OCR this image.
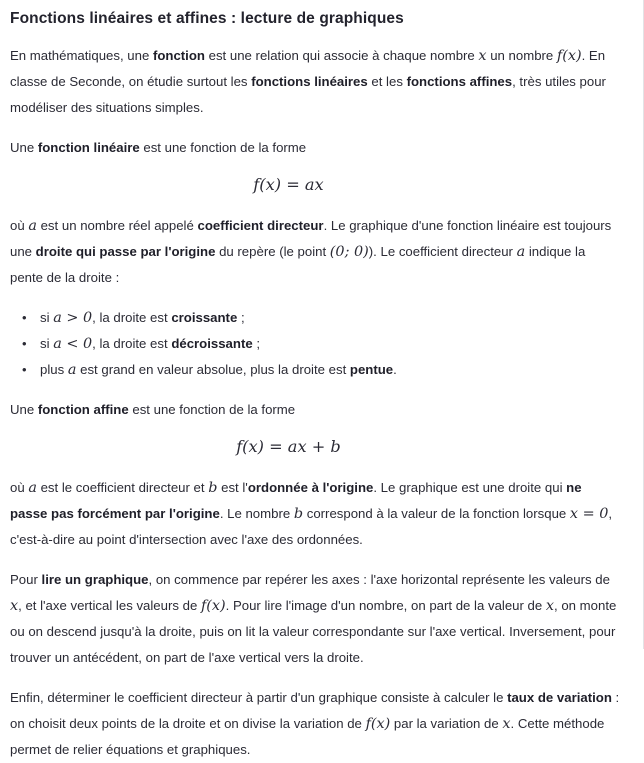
Fonctions linéaires et affines : lecture de graphiques

En mathématiques, une fonction est une relation qui associe à chaque nombre x un nombre f(x). En classe de Seconde, on étudie surtout les fonctions linéaires et les fonctions affines, très utiles pour modéliser des situations simples.

Une fonction linéaire est une fonction de la forme

f(x) = ax

où a est un nombre réel appelé coefficient directeur. Le graphique d'une fonction linéaire est toujours une droite qui passe par l'origine du repère (le point (0; 0)). Le coefficient directeur a indique la pente de la droite :

• si a > 0, la droite est croissante ;
• si a < 0, la droite est décroissante ;
• plus a est grand en valeur absolue, plus la droite est pentue.

Une fonction affine est une fonction de la forme

f(x) = ax + b

où a est le coefficient directeur et b est l'ordonnée à l'origine. Le graphique est une droite qui ne passe pas forcément par l'origine. Le nombre b correspond à la valeur de la fonction lorsque x = 0, c'est-à-dire au point d'intersection avec l'axe des ordonnées.

Pour lire un graphique, on commence par repérer les axes : l'axe horizontal représente les valeurs de x, et l'axe vertical les valeurs de f(x). Pour lire l'image d'un nombre, on part de la valeur de x, on monte ou on descend jusqu'à la droite, puis on lit la valeur correspondante sur l'axe vertical. Inversement, pour trouver un antécédent, on part de l'axe vertical vers la droite.

Enfin, déterminer le coefficient directeur à partir d'un graphique consiste à calculer le taux de variation : on choisit deux points de la droite et on divise la variation de f(x) par la variation de x. Cette méthode permet de relier équations et graphiques.
